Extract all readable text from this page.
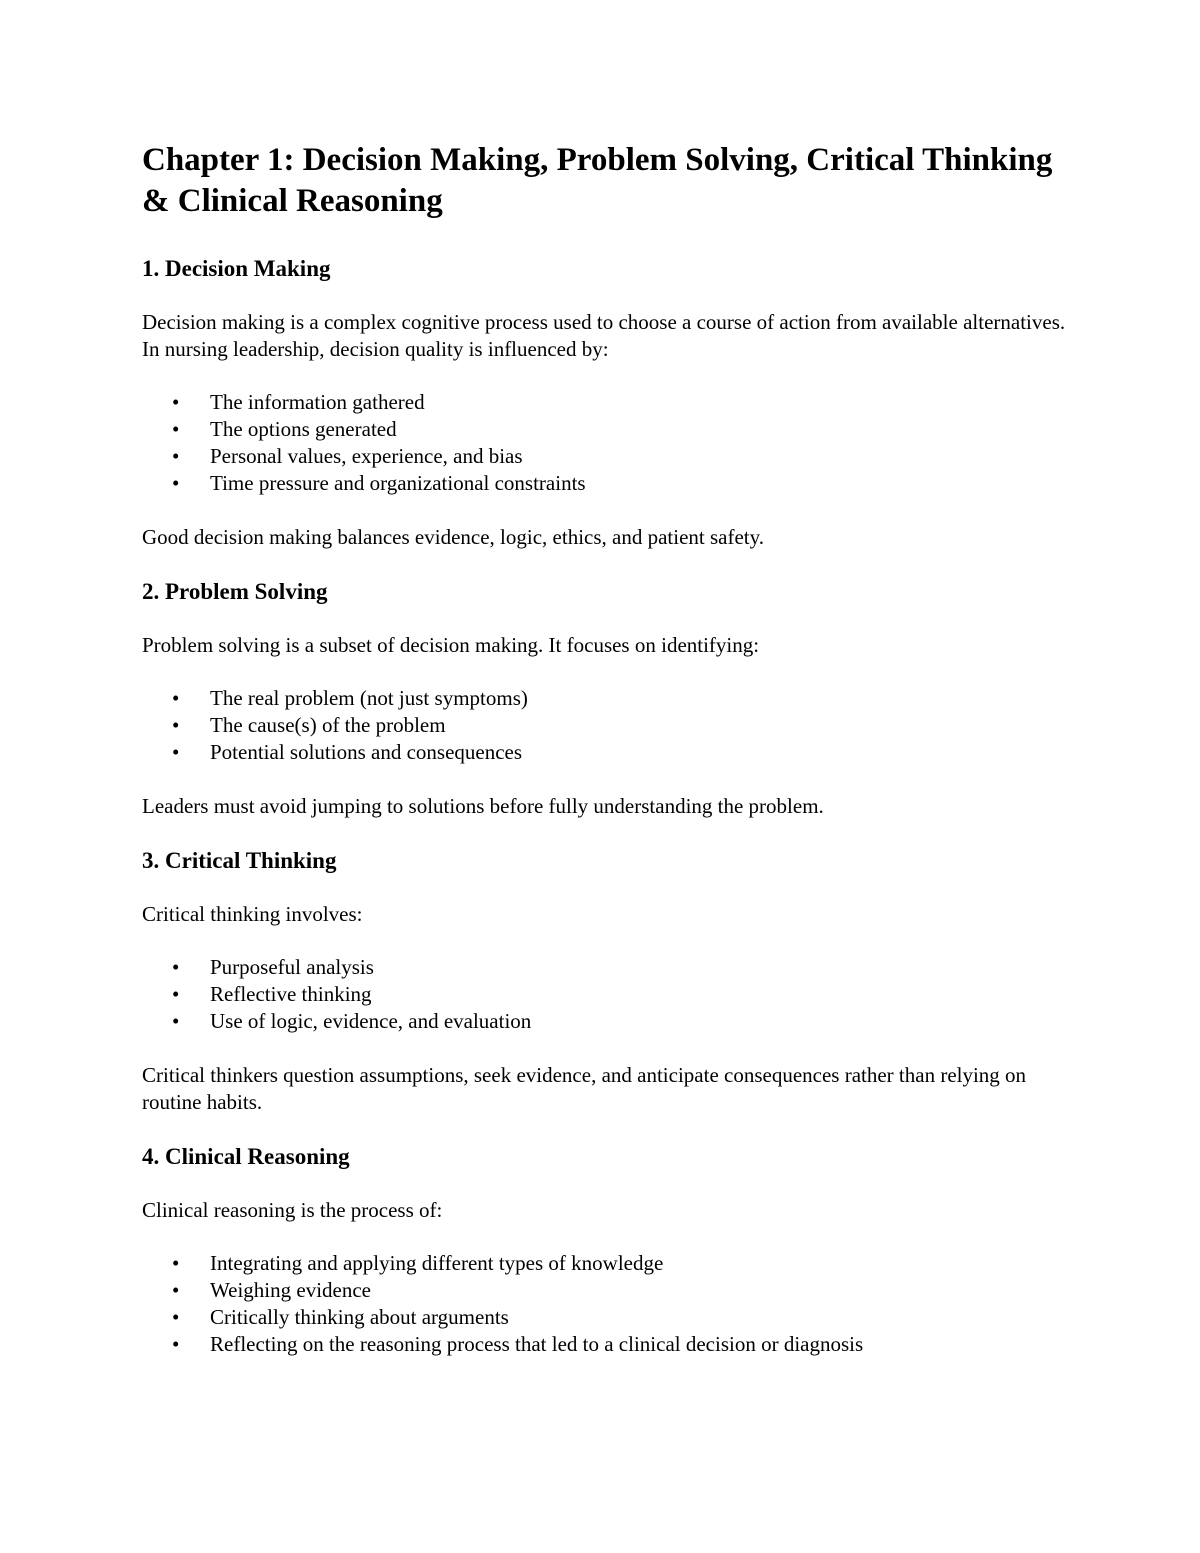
Chapter 1: Decision Making, Problem Solving, Critical Thinking & Clinical Reasoning
1. Decision Making

Decision making is a complex cognitive process used to choose a course of action from available alternatives. In nursing leadership, decision quality is influenced by:

• The information gathered
• The options generated
• Personal values, experience, and bias
• Time pressure and organizational constraints

Good decision making balances evidence, logic, ethics, and patient safety.

2. Problem Solving

Problem solving is a subset of decision making. It focuses on identifying:

• The real problem (not just symptoms)
• The cause(s) of the problem
• Potential solutions and consequences

Leaders must avoid jumping to solutions before fully understanding the problem.

3. Critical Thinking

Critical thinking involves:

• Purposeful analysis
• Reflective thinking
• Use of logic, evidence, and evaluation

Critical thinkers question assumptions, seek evidence, and anticipate consequences rather than relying on routine habits.

4. Clinical Reasoning

Clinical reasoning is the process of:

• Integrating and applying different types of knowledge
• Weighing evidence
• Critically thinking about arguments
• Reflecting on the reasoning process that led to a clinical decision or diagnosis
